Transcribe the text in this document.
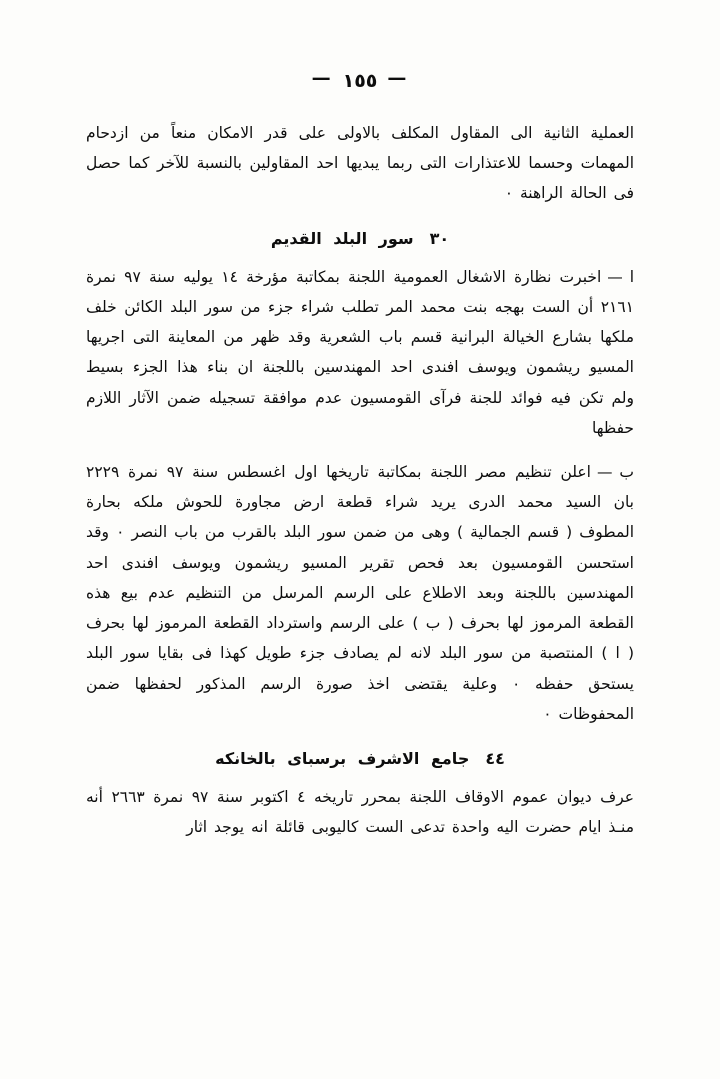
—١٥٥—

العملية الثانية الى المقاول المكلف بالاولى على قدر الامكان منعاً من ازدحام المهمات وحسما للاعتذارات التى ربما يبديها احد المقاولين بالنسبة للآخر كما حصل فى الحالة الراهنة ٠

٣٠سور البلد القديم

ا —اخبرت نظارة الاشغال العمومية اللجنة بمكاتبة مؤرخة ١٤ يوليه سنة ٩٧ نمرة ٢١٦١ أن الست بهجه بنت محمد المر تطلب شراء جزء من سور البلد الكائن خلف ملكها بشارع الخيالة البرانية قسم باب الشعرية وقد ظهر من المعاينة التى اجريها المسيو ريشمون ويوسف افندى احد المهندسين باللجنة ان بناء هذا الجزء بسيط ولم تكن فيه فوائد للجنة فرآى القومسيون عدم موافقة تسجيله ضمن الآثار اللازم حفظها

ب —اعلن تنظيم مصر اللجنة بمكاتبة تاريخها اول اغسطس سنة ٩٧ نمرة ٢٢٢٩ بان السيد محمد الدرى يريد شراء قطعة ارض مجاورة للحوش ملكه بحارة المطوف ( قسم الجمالية ) وهى من ضمن سور البلد بالقرب من باب النصر ٠ وقد استحسن القومسيون بعد فحص تقرير المسيو ريشمون ويوسف افندى احد المهندسين باللجنة وبعد الاطلاع على الرسم المرسل من التنظيم عدم بيع هذه القطعة المرموز لها بحرف ( ب ) على الرسم واسترداد القطعة المرموز لها بحرف ( ا ) المنتصبة من سور البلد لانه لم يصادف جزء طويل كهذا فى بقايا سور البلد يستحق حفظه ٠ وعلية يقتضى اخذ صورة الرسم المذكور لحفظها ضمن المحفوظات ٠

٤٤جامع الاشرف برسباى بالخانكه

عرف ديوان عموم الاوقاف اللجنة بمحرر تاريخه ٤ اكتوبر سنة ٩٧ نمرة ٢٦٦٣ أنه منـذ ايام حضرت اليه واحدة تدعى الست كاليوبى قائلة انه يوجد اثار
